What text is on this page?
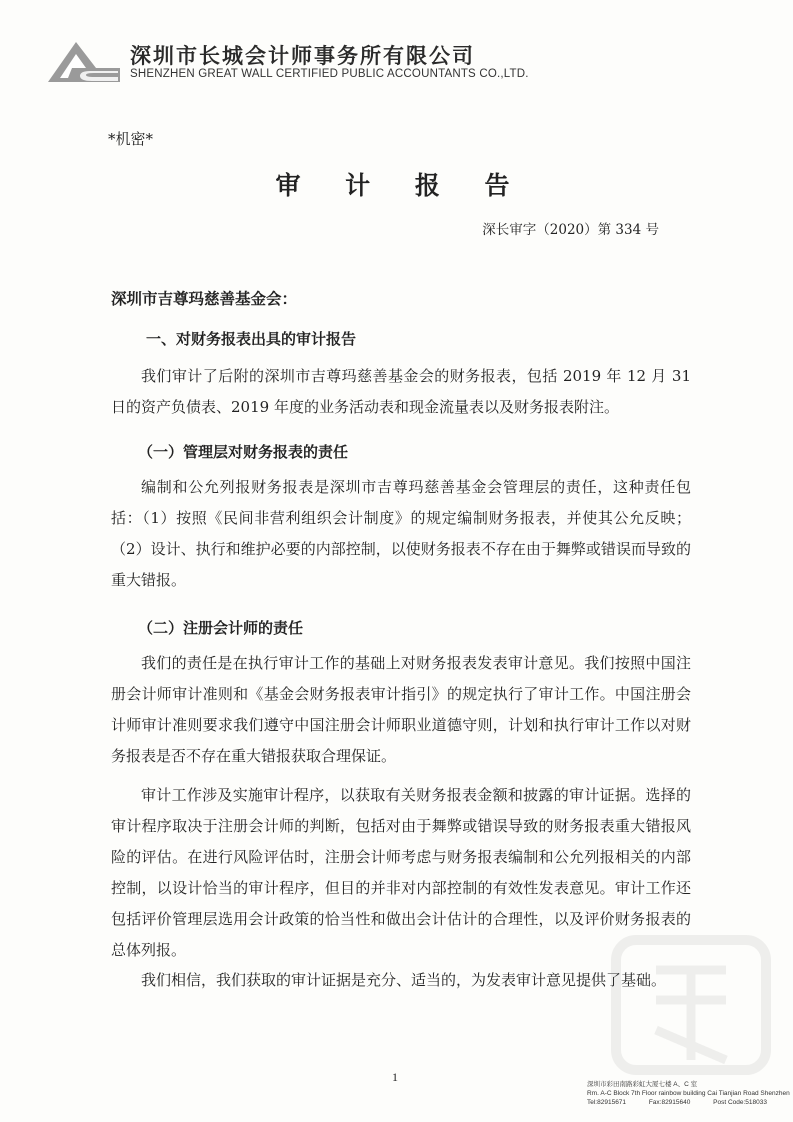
深圳市长城会计师事务所有限公司
SHENZHEN GREAT WALL CERTIFIED PUBLIC ACCOUNTANTS CO.,LTD.
*机密*
审 计 报 告
深长审字（2020）第 334 号
深圳市吉尊玛慈善基金会：
一、对财务报表出具的审计报告

我们审计了后附的深圳市吉尊玛慈善基金会的财务报表，包括 2019 年 12 月 31 日的资产负债表、2019 年度的业务活动表和现金流量表以及财务报表附注。

（一）管理层对财务报表的责任

编制和公允列报财务报表是深圳市吉尊玛慈善基金会管理层的责任，这种责任包括：（1）按照《民间非营利组织会计制度》的规定编制财务报表，并使其公允反映；（2）设计、执行和维护必要的内部控制，以使财务报表不存在由于舞弊或错误而导致的重大错报。

（二）注册会计师的责任

我们的责任是在执行审计工作的基础上对财务报表发表审计意见。我们按照中国注册会计师审计准则和《基金会财务报表审计指引》的规定执行了审计工作。中国注册会计师审计准则要求我们遵守中国注册会计师职业道德守则，计划和执行审计工作以对财务报表是否不存在重大错报获取合理保证。

审计工作涉及实施审计程序，以获取有关财务报表金额和披露的审计证据。选择的审计程序取决于注册会计师的判断，包括对由于舞弊或错误导致的财务报表重大错报风险的评估。在进行风险评估时，注册会计师考虑与财务报表编制和公允列报相关的内部控制，以设计恰当的审计程序，但目的并非对内部控制的有效性发表意见。审计工作还包括评价管理层选用会计政策的恰当性和做出会计估计的合理性，以及评价财务报表的总体列报。

我们相信，我们获取的审计证据是充分、适当的，为发表审计意见提供了基础。

1
深圳市彩田南路彩虹大厦七楼 A、C 室
Rm. A-C Block 7th Floor rainbow building Cai Tianjian Road Shenzhen
Tel:82915671	Fax:82915640	Post Code:518033
